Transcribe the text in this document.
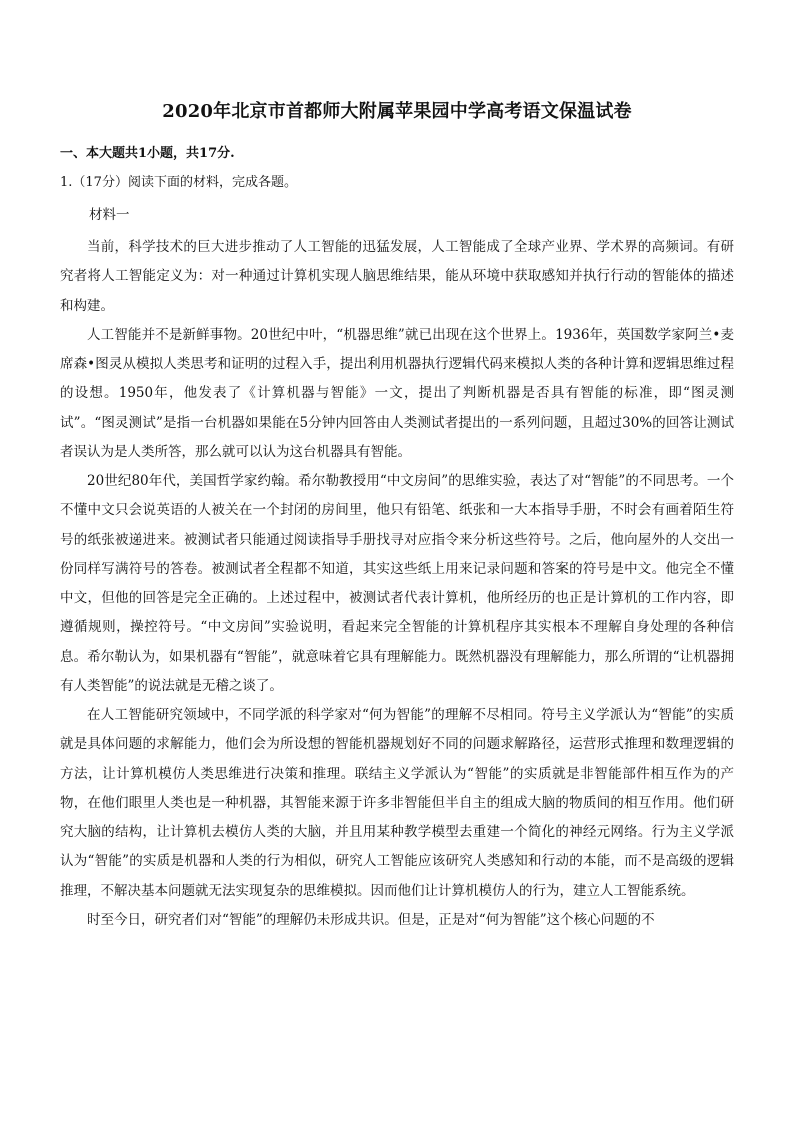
2020年北京市首都师大附属苹果园中学高考语文保温试卷
一、本大题共1小题，共17分.
1.（17分）阅读下面的材料，完成各题。
材料一

当前，科学技术的巨大进步推动了人工智能的迅猛发展，人工智能成了全球产业界、学术界的高频词。有研究者将人工智能定义为：对一种通过计算机实现人脑思维结果，能从环境中获取感知并执行行动的智能体的描述和构建。

人工智能并不是新鲜事物。20世纪中叶，“机器思维”就已出现在这个世界上。1936年，英国数学家阿兰•麦席森•图灵从模拟人类思考和证明的过程入手，提出利用机器执行逻辑代码来模拟人类的各种计算和逻辑思维过程的设想。1950年，他发表了《计算机器与智能》一文，提出了判断机器是否具有智能的标准，即“图灵测试”。“图灵测试”是指一台机器如果能在5分钟内回答由人类测试者提出的一系列问题，且超过30%的回答让测试者误认为是人类所答，那么就可以认为这台机器具有智能。

20世纪80年代，美国哲学家约翰。希尔勒教授用“中文房间”的思维实验，表达了对“智能”的不同思考。一个不懂中文只会说英语的人被关在一个封闭的房间里，他只有铅笔、纸张和一大本指导手册，不时会有画着陌生符号的纸张被递进来。被测试者只能通过阅读指导手册找寻对应指令来分析这些符号。之后，他向屋外的人交出一份同样写满符号的答卷。被测试者全程都不知道，其实这些纸上用来记录问题和答案的符号是中文。他完全不懂中文，但他的回答是完全正确的。上述过程中，被测试者代表计算机，他所经历的也正是计算机的工作内容，即遵循规则，操控符号。“中文房间”实验说明，看起来完全智能的计算机程序其实根本不理解自身处理的各种信息。希尔勒认为，如果机器有“智能”，就意味着它具有理解能力。既然机器没有理解能力，那么所谓的“让机器拥有人类智能”的说法就是无稽之谈了。

在人工智能研究领域中，不同学派的科学家对“何为智能”的理解不尽相同。符号主义学派认为“智能”的实质就是具体问题的求解能力，他们会为所设想的智能机器规划好不同的问题求解路径，运营形式推理和数理逻辑的方法，让计算机模仿人类思维进行决策和推理。联结主义学派认为“智能”的实质就是非智能部件相互作为的产物，在他们眼里人类也是一种机器，其智能来源于许多非智能但半自主的组成大脑的物质间的相互作用。他们研究大脑的结构，让计算机去模仿人类的大脑，并且用某种教学模型去重建一个简化的神经元网络。行为主义学派认为“智能”的实质是机器和人类的行为相似，研究人工智能应该研究人类感知和行动的本能，而不是高级的逻辑推理，不解决基本问题就无法实现复杂的思维模拟。因而他们让计算机模仿人的行为，建立人工智能系统。

时至今日，研究者们对“智能”的理解仍未形成共识。但是，正是对“何为智能”这个核心问题的不
